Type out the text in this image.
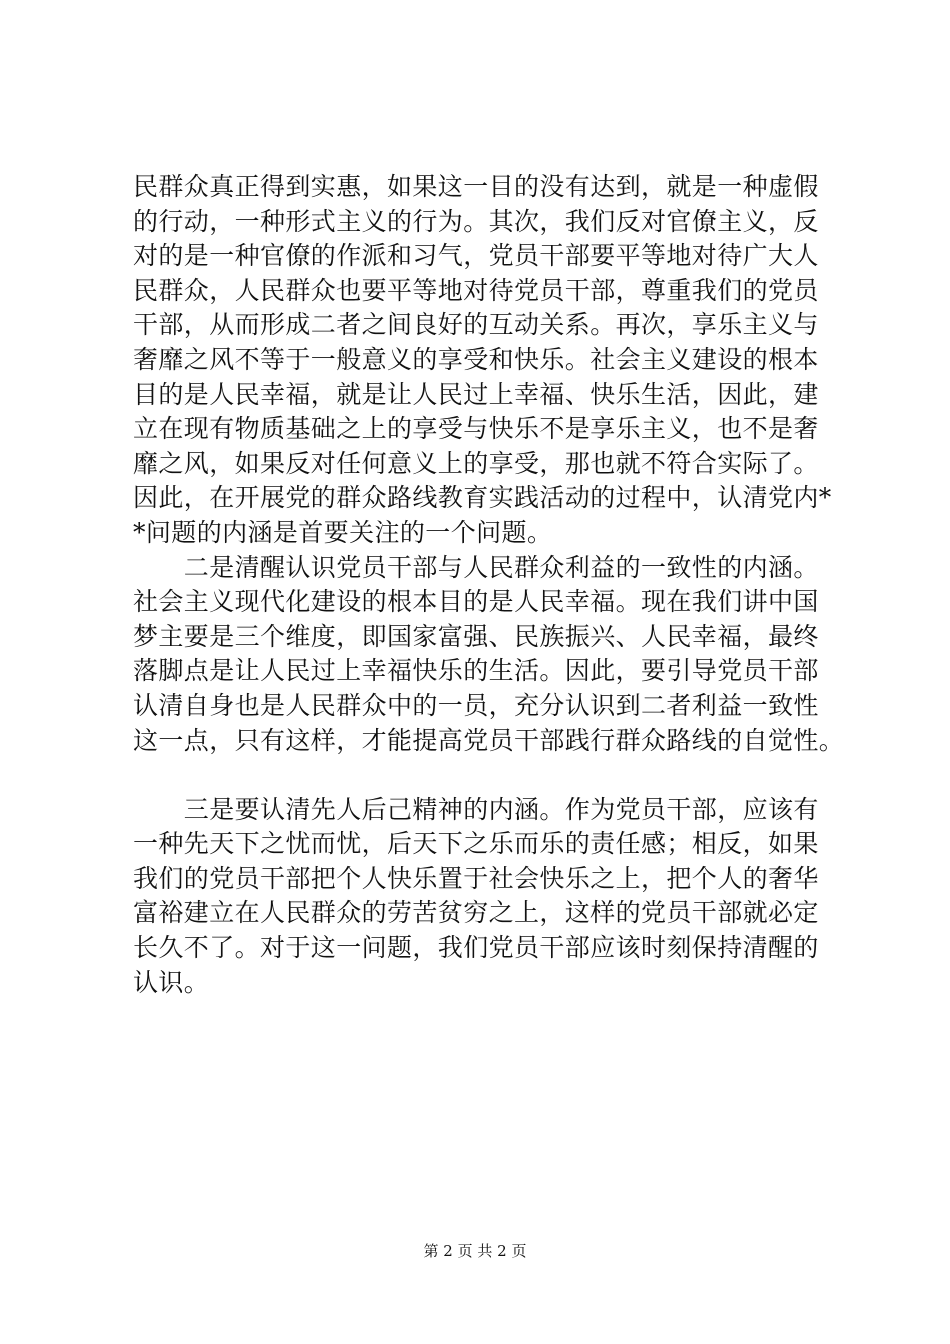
民群众真正得到实惠，如果这一目的没有达到，就是一种虚假
的行动，一种形式主义的行为。其次，我们反对官僚主义，反
对的是一种官僚的作派和习气，党员干部要平等地对待广大人
民群众，人民群众也要平等地对待党员干部，尊重我们的党员
干部，从而形成二者之间良好的互动关系。再次，享乐主义与
奢靡之风不等于一般意义的享受和快乐。社会主义建设的根本
目的是人民幸福，就是让人民过上幸福、快乐生活，因此，建
立在现有物质基础之上的享受与快乐不是享乐主义，也不是奢
靡之风，如果反对任何意义上的享受，那也就不符合实际了。
因此，在开展党的群众路线教育实践活动的过程中，认清党内*
*问题的内涵是首要关注的一个问题。
　　二是清醒认识党员干部与人民群众利益的一致性的内涵。
社会主义现代化建设的根本目的是人民幸福。现在我们讲中国
梦主要是三个维度，即国家富强、民族振兴、人民幸福，最终
落脚点是让人民过上幸福快乐的生活。因此，要引导党员干部
认清自身也是人民群众中的一员，充分认识到二者利益一致性
这一点，只有这样，才能提高党员干部践行群众路线的自觉性。
　　三是要认清先人后己精神的内涵。作为党员干部，应该有
一种先天下之忧而忧，后天下之乐而乐的责任感；相反，如果
我们的党员干部把个人快乐置于社会快乐之上，把个人的奢华
富裕建立在人民群众的劳苦贫穷之上，这样的党员干部就必定
长久不了。对于这一问题，我们党员干部应该时刻保持清醒的
认识。
第 2 页 共 2 页
